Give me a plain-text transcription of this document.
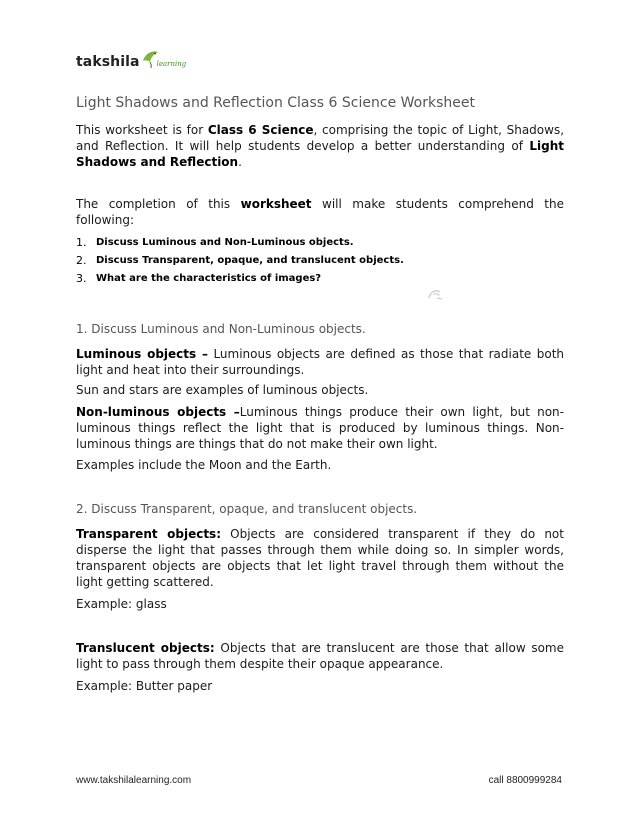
takshila learning
Light Shadows and Reflection Class 6 Science Worksheet
This worksheet is for Class 6 Science, comprising the topic of Light, Shadows, and Reflection. It will help students develop a better understanding of Light Shadows and Reflection.
The completion of this worksheet will make students comprehend the following:
1. Discuss Luminous and Non-Luminous objects.
2. Discuss Transparent, opaque, and translucent objects.
3. What are the characteristics of images?
1. Discuss Luminous and Non-Luminous objects.
Luminous objects – Luminous objects are defined as those that radiate both light and heat into their surroundings.
Sun and stars are examples of luminous objects.
Non-luminous objects –Luminous things produce their own light, but non-luminous things reflect the light that is produced by luminous things. Non-luminous things are things that do not make their own light.
Examples include the Moon and the Earth.
2. Discuss Transparent, opaque, and translucent objects.
Transparent objects: Objects are considered transparent if they do not disperse the light that passes through them while doing so. In simpler words, transparent objects are objects that let light travel through them without the light getting scattered.
Example: glass
Translucent objects: Objects that are translucent are those that allow some light to pass through them despite their opaque appearance.
Example: Butter paper
www.takshilalearning.com	call 8800999284
